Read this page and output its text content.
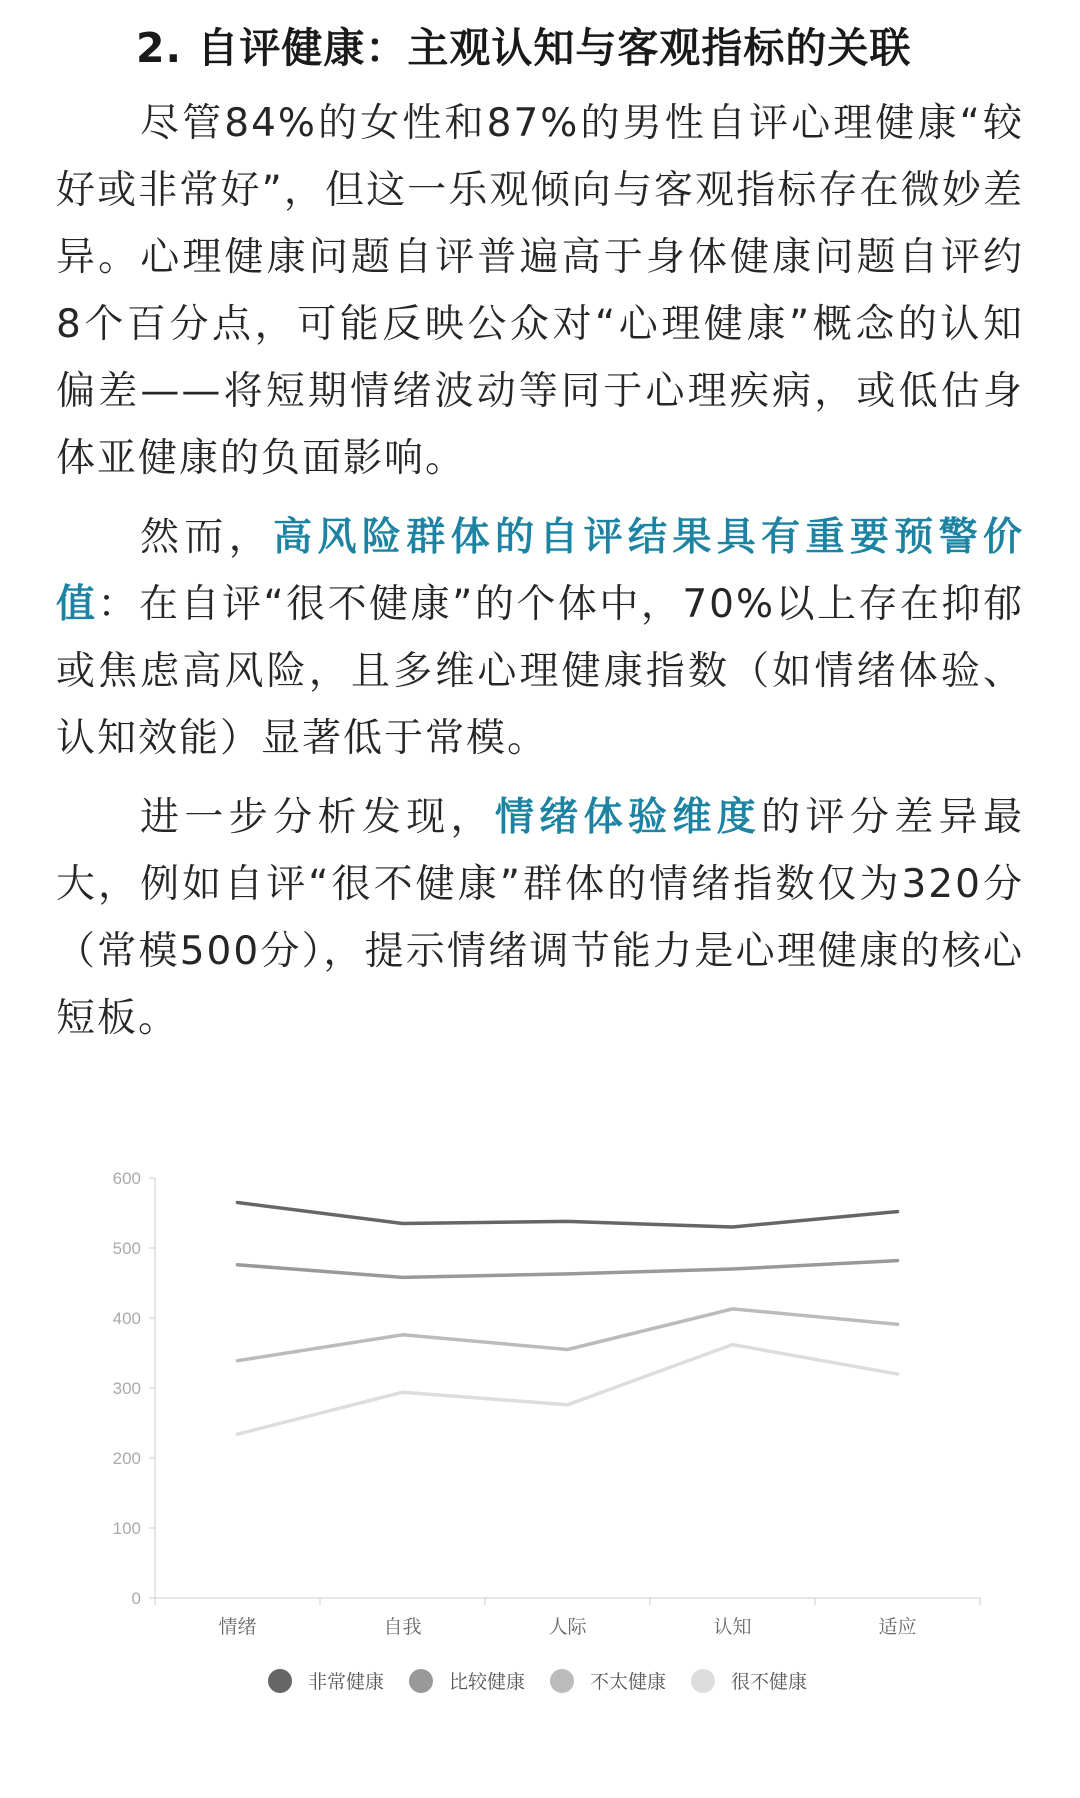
2. 自评健康：主观认知与客观指标的关联

尽管84%的女性和87%的男性自评心理健康“较好或非常好”，但这一乐观倾向与客观指标存在微妙差异。心理健康问题自评普遍高于身体健康问题自评约8个百分点，可能反映公众对“心理健康”概念的认知偏差——将短期情绪波动等同于心理疾病，或低估身体亚健康的负面影响。

然而，高风险群体的自评结果具有重要预警价值：在自评“很不健康”的个体中，70%以上存在抑郁或焦虑高风险，且多维心理健康指数（如情绪体验、认知效能）显著低于常模。

进一步分析发现，情绪体验维度的评分差异最大，例如自评“很不健康”群体的情绪指数仅为320分（常模500分），提示情绪调节能力是心理健康的核心短板。

0
100
200
300
400
500
600
情绪	自我	人际	认知	适应
非常健康	比较健康	不太健康	很不健康
